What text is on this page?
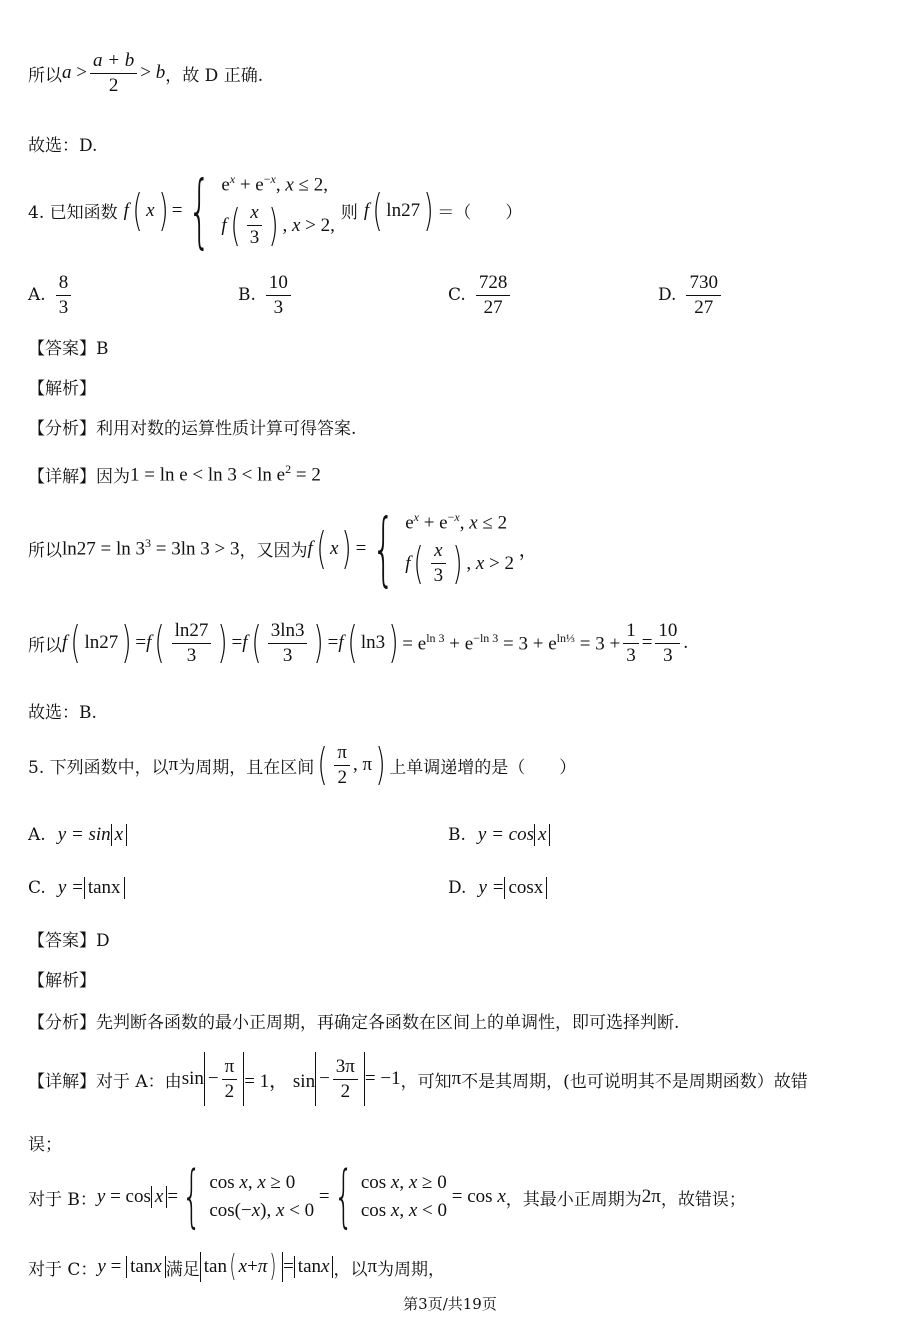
所以 $a > \frac{a + b}{2} > b$ ，故 D 正确.
故选：D.
4. 已知函数 f ( x ) = { $e^x + e^{-x}$, x ≤ 2,
f ( $\frac{x}{3}$ ) , x > 2,
则 f ( ln27 ) ＝（　　）
A. $\frac{8}{3}$	B. $\frac{10}{3}$	C. $\frac{728}{27}$	D. $\frac{730}{27}$
【答案】B
【解析】
【分析】利用对数的运算性质计算可得答案.
【详解】因为 $1 = \ln e < \ln 3 < \ln e^2 = 2$
所以 $\ln 27 = \ln 3^3 = 3\ln$ 3 > 3 ，又因为 f ( x ) = { $e^x + e^{-x}$, x ≤ 2
f ( $\frac{x}{3}$ ) , x > 2
，
所以 f ( ln27 ) = f ( $\frac{\ln 27}{3}$ ) = f ( $\frac{3\ln 3}{3}$ ) = f ( ln3 ) = $e^{ln 3} + e^{-ln 3} = 3 + e^{ln\frac{1}{3}} = 3 + \frac{1}{3} = \frac{10}{3}$ .
故选：B.
5. 下列函数中，以 π 为周期，且在区间 ( $\frac{\pi}{2}$ , π ) 上单调递增的是（　　）
A. y = sin x	B. y = cos x
C. y = tanx	D. y = cosx
【答案】D
【解析】
【分析】先判断各函数的最小正周期，再确定各函数在区间上的单调性，即可选择判断.
【详解】对于 A：由 $\sin - \frac{\pi}{2} = 1$， $\sin - \frac{3\pi}{2} = -1$ ，可知 π 不是其周期，(也可说明其不是周期函数）故错
误；
对于 B： y = cos x = { cos x, x ≥ 0
cos(−x), x < 0
= { cos x, x ≥ 0
cos x, x < 0
= cos x ，其最小正周期为 2π ，故错误；
对于 C： y = tan x 满足 tan ( x + π ) = tan x ，以 π 为周期，
第3页/共19页
